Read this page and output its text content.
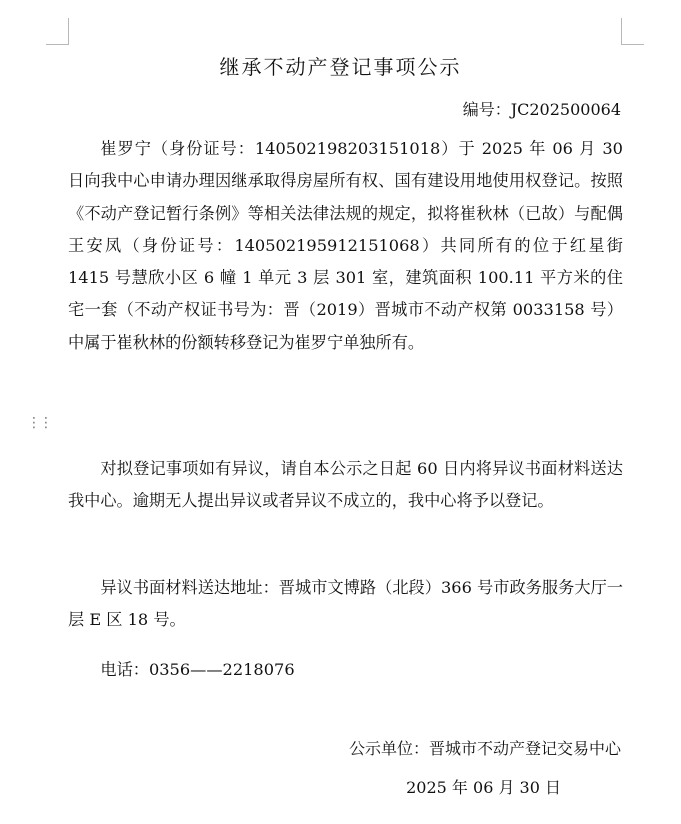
⋮⋮
继承不动产登记事项公示
编号：JC202500064

崔罗宁（身份证号：140502198203151018）于 2025 年 06 月 30 日向我中心申请办理因继承取得房屋所有权、国有建设用地使用权登记。按照《不动产登记暂行条例》等相关法律法规的规定，拟将崔秋林（已故）与配偶王安凤（身份证号：140502195912151068）共同所有的位于红星街 1415 号慧欣小区 6 幢 1 单元 3 层 301 室，建筑面积 100.11 平方米的住宅一套（不动产权证书号为：晋（2019）晋城市不动产权第 0033158 号）中属于崔秋林的份额转移登记为崔罗宁单独所有。

对拟登记事项如有异议，请自本公示之日起 60 日内将异议书面材料送达我中心。逾期无人提出异议或者异议不成立的，我中心将予以登记。

异议书面材料送达地址：晋城市文博路（北段）366 号市政务服务大厅一层 E 区 18 号。

电话：0356——2218076

公示单位：晋城市不动产登记交易中心
2025 年 06 月 30 日
